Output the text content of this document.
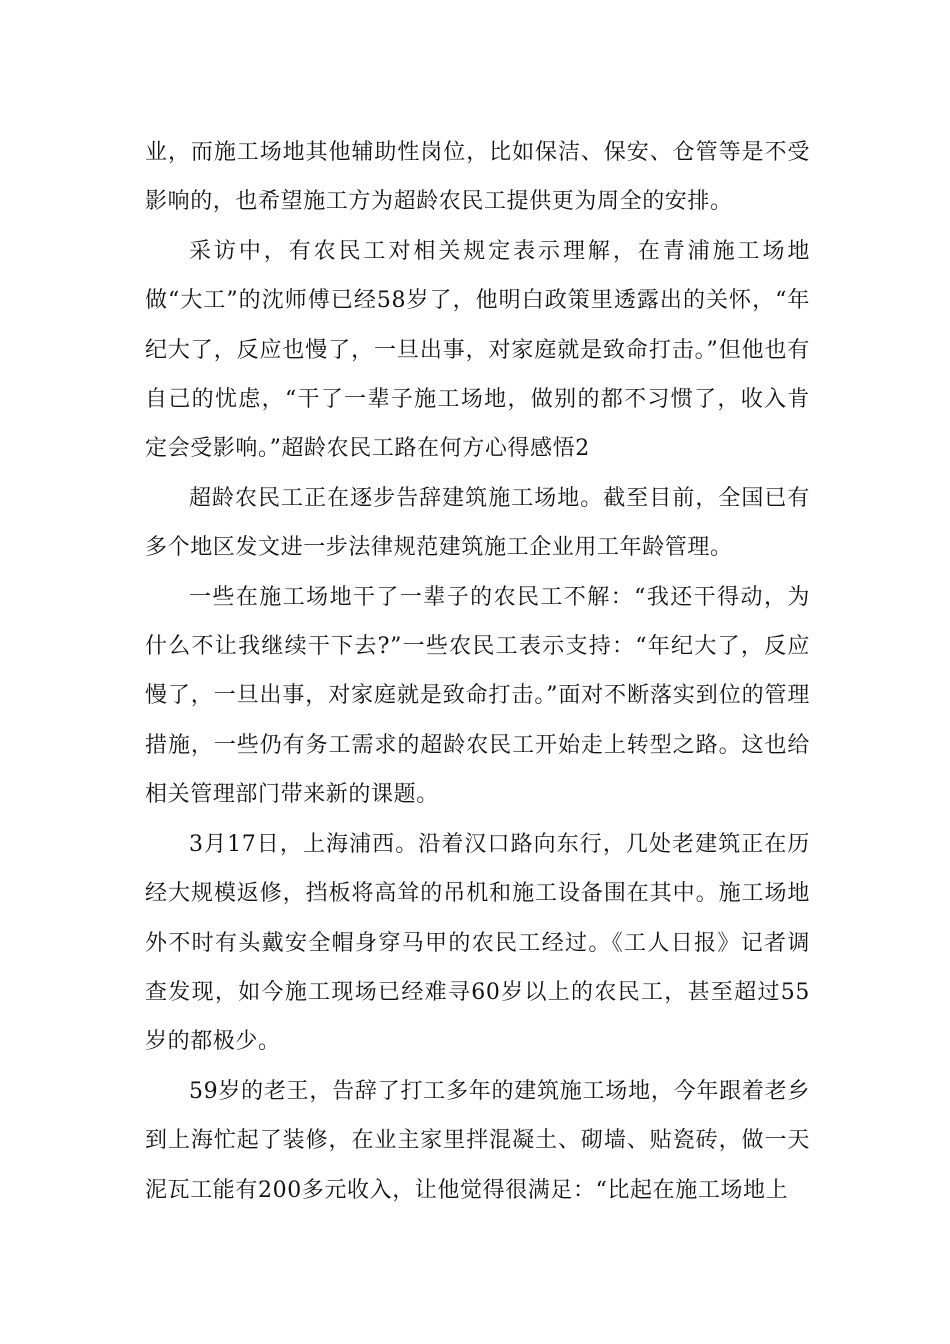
业，而施工场地其他辅助性岗位，比如保洁、保安、仓管等是不受影响的，也希望施工方为超龄农民工提供更为周全的安排。

采访中，有农民工对相关规定表示理解，在青浦施工场地做“大工”的沈师傅已经58岁了，他明白政策里透露出的关怀，“年纪大了，反应也慢了，一旦出事，对家庭就是致命打击。”但他也有自己的忧虑，“干了一辈子施工场地，做别的都不习惯了，收入肯定会受影响。”超龄农民工路在何方心得感悟2

超龄农民工正在逐步告辞建筑施工场地。截至目前，全国已有多个地区发文进一步法律规范建筑施工企业用工年龄管理。

一些在施工场地干了一辈子的农民工不解：“我还干得动，为什么不让我继续干下去?”一些农民工表示支持：“年纪大了，反应慢了，一旦出事，对家庭就是致命打击。”面对不断落实到位的管理措施，一些仍有务工需求的超龄农民工开始走上转型之路。这也给相关管理部门带来新的课题。

3月17日，上海浦西。沿着汉口路向东行，几处老建筑正在历经大规模返修，挡板将高耸的吊机和施工设备围在其中。施工场地外不时有头戴安全帽身穿马甲的农民工经过。《工人日报》记者调查发现，如今施工现场已经难寻60岁以上的农民工，甚至超过55岁的都极少。

59岁的老王，告辞了打工多年的建筑施工场地，今年跟着老乡到上海忙起了装修，在业主家里拌混凝土、砌墙、贴瓷砖，做一天泥瓦工能有200多元收入，让他觉得很满足：“比起在施工场地上
